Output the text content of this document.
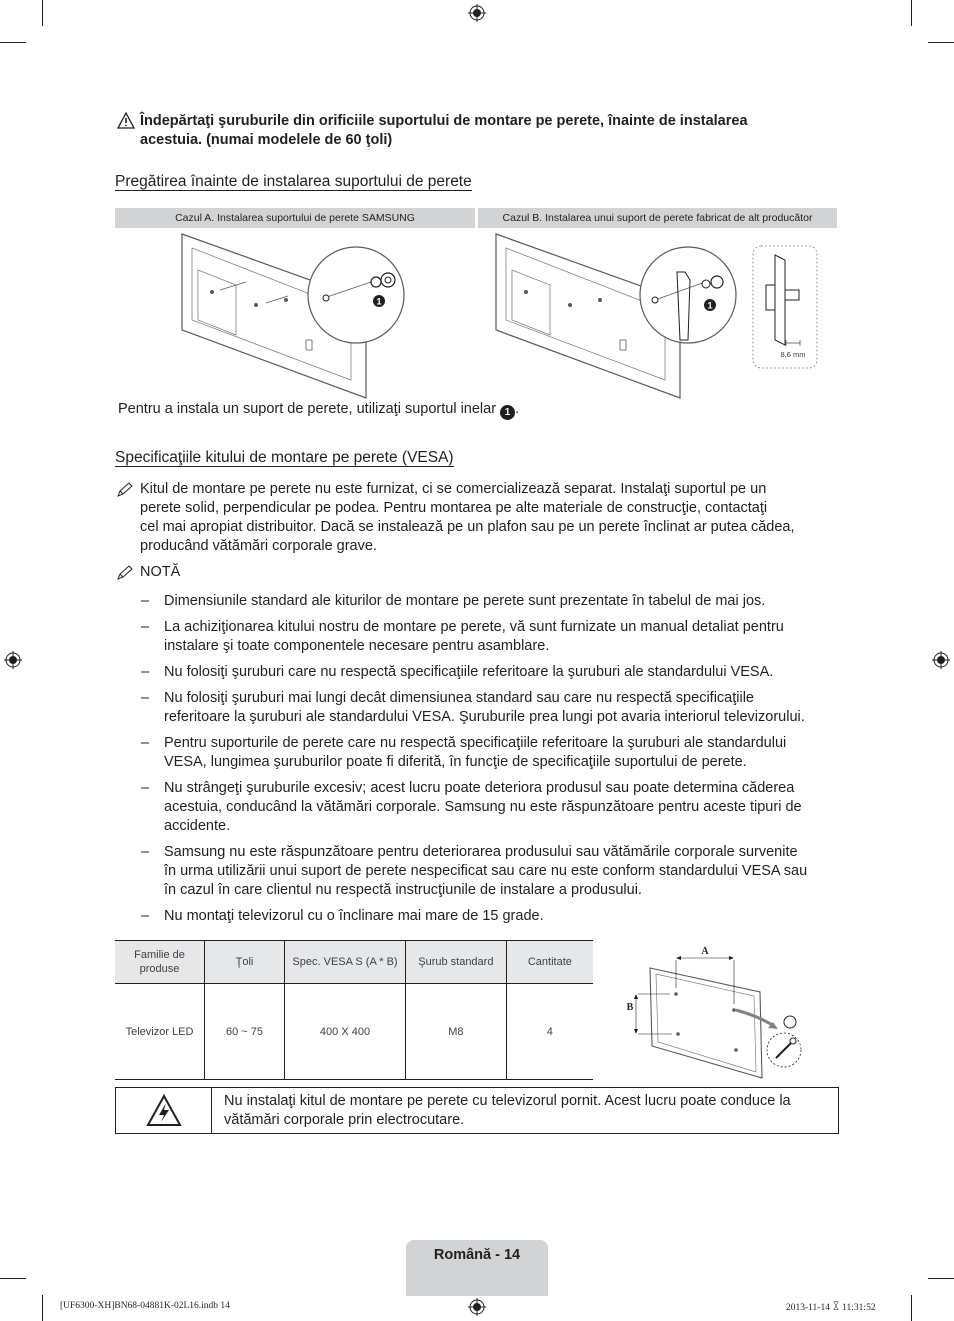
Îndepărtaţi şuruburile din orificiile suportului de montare pe perete, înainte de instalarea
acestuia. (numai modelele de 60 ţoli)
Pregătirea înainte de instalarea suportului de perete
Cazul A. Instalarea suportului de perete SAMSUNG	Cazul B. Instalarea unui suport de perete fabricat de alt producător
1	1
8,6 mm
Pentru a instala un suport de perete, utilizaţi suportul inelar 1 .
Specificaţiile kitului de montare pe perete (VESA)
Kitul de montare pe perete nu este furnizat, ci se comercializează separat. Instalaţi suportul pe un
perete solid, perpendicular pe podea. Pentru montarea pe alte materiale de construcţie, contactaţi
cel mai apropiat distribuitor. Dacă se instalează pe un plafon sau pe un perete înclinat ar putea cădea,
producând vătămări corporale grave.
NOTĂ
– Dimensiunile standard ale kiturilor de montare pe perete sunt prezentate în tabelul de mai jos.
– La achiziţionarea kitului nostru de montare pe perete, vă sunt furnizate un manual detaliat pentru
instalare şi toate componentele necesare pentru asamblare.
– Nu folosiţi şuruburi care nu respectă specificaţiile referitoare la şuruburi ale standardului VESA.
– Nu folosiţi şuruburi mai lungi decât dimensiunea standard sau care nu respectă specificaţiile
referitoare la şuruburi ale standardului VESA. Şuruburile prea lungi pot avaria interiorul televizorului.
– Pentru suporturile de perete care nu respectă specificaţiile referitoare la şuruburi ale standardului
VESA, lungimea şuruburilor poate fi diferită, în funcţie de specificaţiile suportului de perete.
– Nu strângeţi şuruburile excesiv; acest lucru poate deteriora produsul sau poate determina căderea
acestuia, conducând la vătămări corporale. Samsung nu este răspunzătoare pentru aceste tipuri de
accidente.
– Samsung nu este răspunzătoare pentru deteriorarea produsului sau vătămările corporale survenite
în urma utilizării unui suport de perete nespecificat sau care nu este conform standardului VESA sau
în cazul în care clientul nu respectă instrucţiunile de instalare a produsului.
– Nu montaţi televizorul cu o înclinare mai mare de 15 grade.
Familie de produse	Ţoli	Spec. VESA S (A * B)	Şurub standard	Cantitate
Televizor LED	60 ~ 75	400 X 400	M8	4
A
B
Nu instalaţi kitul de montare pe perete cu televizorul pornit. Acest lucru poate conduce la
vătămări corporale prin electrocutare.
Română - 14
[UF6300-XH]BN68-04881K-02L16.indb 14	2013-11-14 ꊱ 11:31:52
